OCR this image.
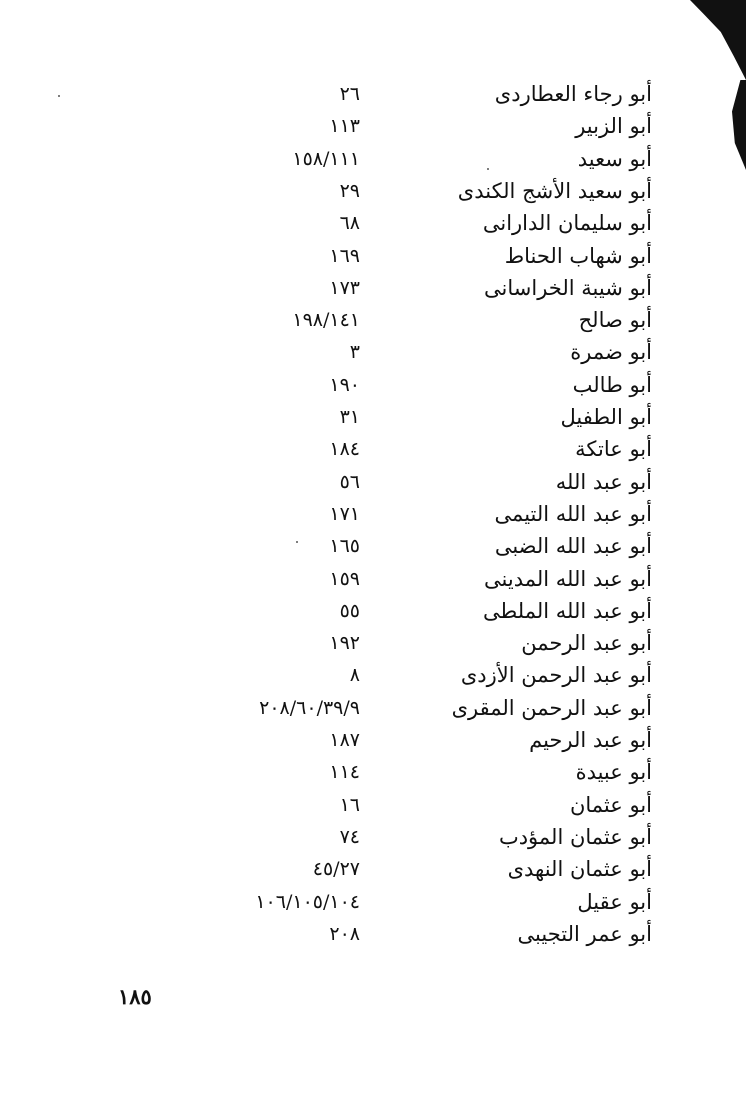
أبو رجاء العطاردى
٢٦
أبو الزبير
١١٣
أبو سعيد
١٥٨/١١١
أبو سعيد الأشج الكندى
٢٩
أبو سليمان الدارانى
٦٨
أبو شهاب الحناط
١٦٩
أبو شيبة الخراسانى
١٧٣
أبو صالح
١٩٨/١٤١
أبو ضمرة
٣
أبو طالب
١٩٠
أبو الطفيل
٣١
أبو عاتكة
١٨٤
أبو عبد الله
٥٦
أبو عبد الله التيمى
١٧١
أبو عبد الله الضبى
١٦٥
أبو عبد الله المدينى
١٥٩
أبو عبد الله الملطى
٥٥
أبو عبد الرحمن
١٩٢
أبو عبد الرحمن الأزدى
٨
أبو عبد الرحمن المقرى
٢٠٨/٦٠/٣٩/٩
أبو عبد الرحيم
١٨٧
أبو عبيدة
١١٤
أبو عثمان
١٦
أبو عثمان المؤدب
٧٤
أبو عثمان النهدى
٤٥/٢٧
أبو عقيل
١٠٦/١٠٥/١٠٤
أبو عمر التجيبى
٢٠٨
١٨٥
